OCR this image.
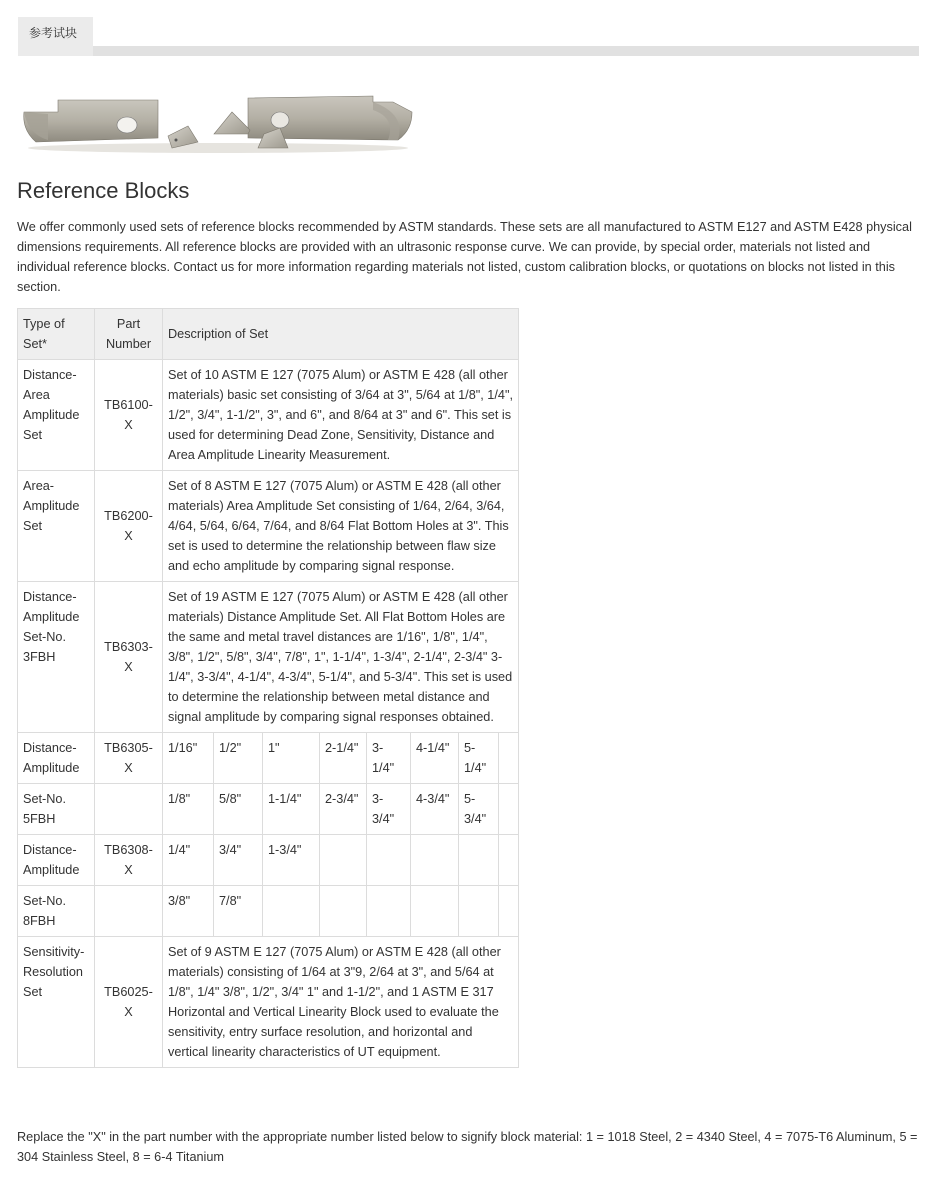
参考试块
Reference Blocks

We offer commonly used sets of reference blocks recommended by ASTM standards. These sets are all manufactured to ASTM E127 and ASTM E428 physical dimensions requirements. All reference blocks are provided with an ultrasonic response curve. We can provide, by special order, materials not listed and individual reference blocks. Contact us for more information regarding materials not listed, custom calibration blocks, or quotations on blocks not listed in this section.

Type of Set*	Part Number	Description of Set							
Distance-Area Amplitude Set	TB6100-X	Set of 10 ASTM E 127 (7075 Alum) or ASTM E 428 (all other materials) basic set consisting of 3/64 at 3", 5/64 at 1/8", 1/4", 1/2", 3/4", 1-1/2", 3", and 6", and 8/64 at 3" and 6". This set is used for determining Dead Zone, Sensitivity, Distance and Area Amplitude Linearity Measurement.							
Area-Amplitude Set	TB6200-X	Set of 8 ASTM E 127 (7075 Alum) or ASTM E 428 (all other materials) Area Amplitude Set consisting of 1/64, 2/64, 3/64, 4/64, 5/64, 6/64, 7/64, and 8/64 Flat Bottom Holes at 3". This set is used to determine the relationship between flaw size and echo amplitude by comparing signal response.							
Distance-Amplitude Set-No. 3FBH	TB6303-X	Set of 19 ASTM E 127 (7075 Alum) or ASTM E 428 (all other materials) Distance Amplitude Set. All Flat Bottom Holes are the same and metal travel distances are 1/16", 1/8", 1/4", 3/8", 1/2", 5/8", 3/4", 7/8", 1", 1-1/4", 1-3/4", 2-1/4", 2-3/4" 3-1/4", 3-3/4", 4-1/4", 4-3/4", 5-1/4", and 5-3/4". This set is used to determine the relationship between metal distance and signal amplitude by comparing signal responses obtained.							
Distance-Amplitude	TB6305-X	1/16"	1/2"	1"	2-1/4"	3-1/4"	4-1/4"	5-1/4"	
Set-No. 5FBH		1/8"	5/8"	1-1/4"	2-3/4"	3-3/4"	4-3/4"	5-3/4"	
Distance-Amplitude	TB6308-X	1/4"	3/4"	1-3/4"					
Set-No. 8FBH		3/8"	7/8"						
Sensitivity-Resolution Set	TB6025-X	Set of 9 ASTM E 127 (7075 Alum) or ASTM E 428 (all other materials) consisting of 1/64 at 3"9, 2/64 at 3", and 5/64 at 1/8", 1/4" 3/8", 1/2", 3/4" 1" and 1-1/2", and 1 ASTM E 317 Horizontal and Vertical Linearity Block used to evaluate the sensitivity, entry surface resolution, and horizontal and vertical linearity characteristics of UT equipment.							

Replace the "X" in the part number with the appropriate number listed below to signify block material: 1 = 1018 Steel, 2 = 4340 Steel, 4 = 7075-T6 Aluminum, 5 = 304 Stainless Steel, 8 = 6-4 Titanium
